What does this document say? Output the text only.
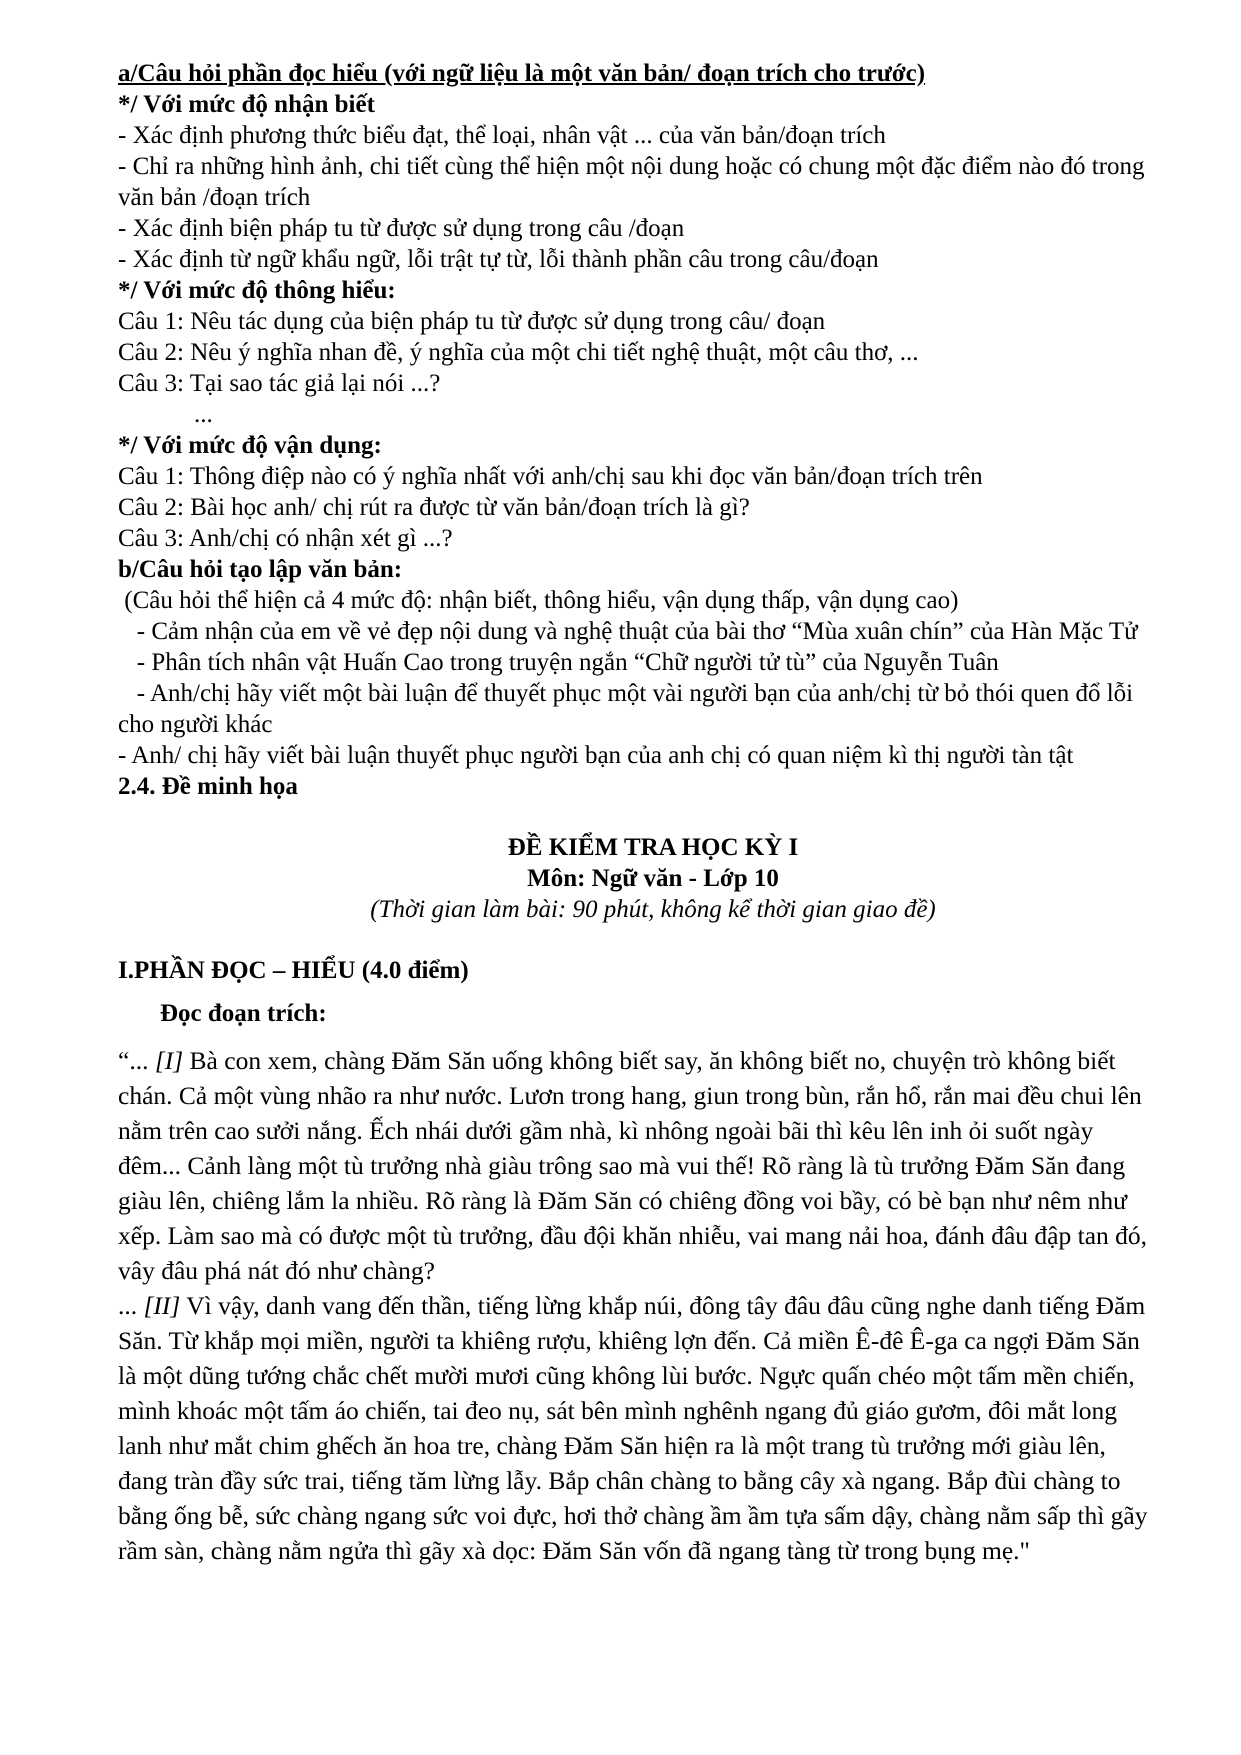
a/Câu hỏi phần đọc hiểu (với ngữ liệu là một văn bản/ đoạn trích cho trước)

*/ Với mức độ nhận biết

- Xác định phương thức biểu đạt, thể loại, nhân vật ... của văn bản/đoạn trích

- Chỉ ra những hình ảnh, chi tiết cùng thể hiện một nội dung hoặc có chung một đặc điểm nào đó trong văn bản /đoạn trích

- Xác định biện pháp tu từ được sử dụng trong câu /đoạn

- Xác định từ ngữ khẩu ngữ, lỗi trật tự từ, lỗi thành phần câu trong câu/đoạn

*/ Với mức độ thông hiểu:

Câu 1: Nêu tác dụng của biện pháp tu từ được sử dụng trong câu/ đoạn

Câu 2: Nêu ý nghĩa nhan đề, ý nghĩa của một chi tiết nghệ thuật, một câu thơ, ...

Câu 3: Tại sao tác giả lại nói ...?

...

*/ Với mức độ vận dụng:

Câu 1: Thông điệp nào có ý nghĩa nhất với anh/chị sau khi đọc văn bản/đoạn trích trên

Câu 2: Bài học anh/ chị rút ra được từ văn bản/đoạn trích là gì?

Câu 3: Anh/chị có nhận xét gì ...?

b/Câu hỏi tạo lập văn bản:

(Câu hỏi thể hiện cả 4 mức độ: nhận biết, thông hiểu, vận dụng thấp, vận dụng cao)

- Cảm nhận của em về vẻ đẹp nội dung và nghệ thuật của bài thơ “Mùa xuân chín” của Hàn Mặc Tử

- Phân tích nhân vật Huấn Cao trong truyện ngắn “Chữ người tử tù” của Nguyễn Tuân

- Anh/chị hãy viết một bài luận để thuyết phục một vài người bạn của anh/chị từ bỏ thói quen đổ lỗi cho người khác

- Anh/ chị hãy viết bài luận thuyết phục người bạn của anh chị có quan niệm kì thị người tàn tật

2.4. Đề minh họa

ĐỀ KIỂM TRA HỌC KỲ I

Môn: Ngữ văn - Lớp 10

(Thời gian làm bài: 90 phút, không kể thời gian giao đề)

I.PHẦN ĐỌC – HIỂU (4.0 điểm)

Đọc đoạn trích:

“... [I] Bà con xem, chàng Đăm Săn uống không biết say, ăn không biết no, chuyện trò không biết chán. Cả một vùng nhão ra như nước. Lươn trong hang, giun trong bùn, rắn hổ, rắn mai đều chui lên nằm trên cao sưởi nắng. Ếch nhái dưới gầm nhà, kì nhông ngoài bãi thì kêu lên inh ỏi suốt ngày đêm... Cảnh làng một tù trưởng nhà giàu trông sao mà vui thế! Rõ ràng là tù trưởng Đăm Săn đang giàu lên, chiêng lắm la nhiều. Rõ ràng là Đăm Săn có chiêng đồng voi bầy, có bè bạn như nêm như xếp. Làm sao mà có được một tù trưởng, đầu đội khăn nhiễu, vai mang nải hoa, đánh đâu đập tan đó, vây đâu phá nát đó như chàng?

... [II] Vì vậy, danh vang đến thần, tiếng lừng khắp núi, đông tây đâu đâu cũng nghe danh tiếng Đăm Săn. Từ khắp mọi miền, người ta khiêng rượu, khiêng lợn đến. Cả miền Ê-đê Ê-ga ca ngợi Đăm Săn là một dũng tướng chắc chết mười mươi cũng không lùi bước. Ngực quấn chéo một tấm mền chiến, mình khoác một tấm áo chiến, tai đeo nụ, sát bên mình nghênh ngang đủ giáo gươm, đôi mắt long lanh như mắt chim ghếch ăn hoa tre, chàng Đăm Săn hiện ra là một trang tù trưởng mới giàu lên, đang tràn đầy sức trai, tiếng tăm lừng lẫy. Bắp chân chàng to bằng cây xà ngang. Bắp đùi chàng to bằng ống bễ, sức chàng ngang sức voi đực, hơi thở chàng ầm ầm tựa sấm dậy, chàng nằm sấp thì gãy rầm sàn, chàng nằm ngửa thì gãy xà dọc: Đăm Săn vốn đã ngang tàng từ trong bụng mẹ."
